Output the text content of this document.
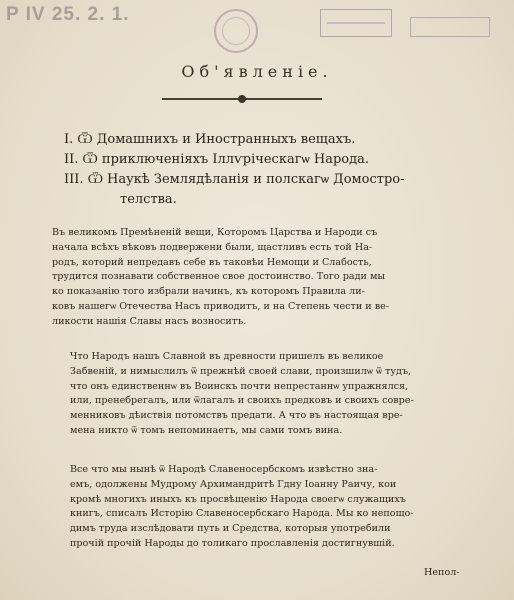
P IV 25. 2. 1.
Об'явленіе.
I. Ѿ Домашнихъ и Иностранныхъ вещахъ.
II. Ѿ приключеніяхъ Іллѵріческагѡ Народа.
III. Ѿ Наукѣ Землядѣланія и полскагѡ Домостро-
телства.
Въ великомъ Премѣненій вещи, Которомъ Царства и Народи съ
начала всѣхъ вѣковъ подвержени были, щастливъ есть той На-
родъ, которий непредавъ себе въ таковѣи Немощи и Слабость,
трудится познавати собственное свое достоинство. Того ради мы
ко показанію того избрали начинъ, къ которомъ Правила ли-
ковъ нашегѡ Отечества Насъ приводитъ, и на Степень чести и ве-
ликости нашія Славы насъ возноситъ.
Что Народъ нашъ Славной въ древности пришелъ въ великое
Забвеній, и нимыслилъ ѿ прежнѣй своей слави, произшилѡ ѿ тудъ,
что онъ единственнѡ въ Воинскъ почти непрестаннѡ упражнялся,
или, пренебрегалъ, или ѿлагалъ и своихъ предковъ и своихъ совре-
менниковъ дѣиствія потомствъ предати. А что въ настоящая вре-
мена никто ѿ томъ непоминаетъ, мы сами томъ вина.
Все что мы нынѣ ѿ Народѣ Славеносербскомъ извѣстно зна-
емъ, одолжены Мудрому Архимандритѣ Гдну Іоанну Раичу, кои
кромѣ многихъ иныхъ къ просвѣщенію Народа своегѡ служащихъ
книгъ, списалъ Исторію Славеносербскаго Народа. Мы ко непощо-
димъ труда изслѣдовати путь и Средства, которыя употребили
прочій прочій Народы до толикаго прославленія достигнувшій.
Непол-
